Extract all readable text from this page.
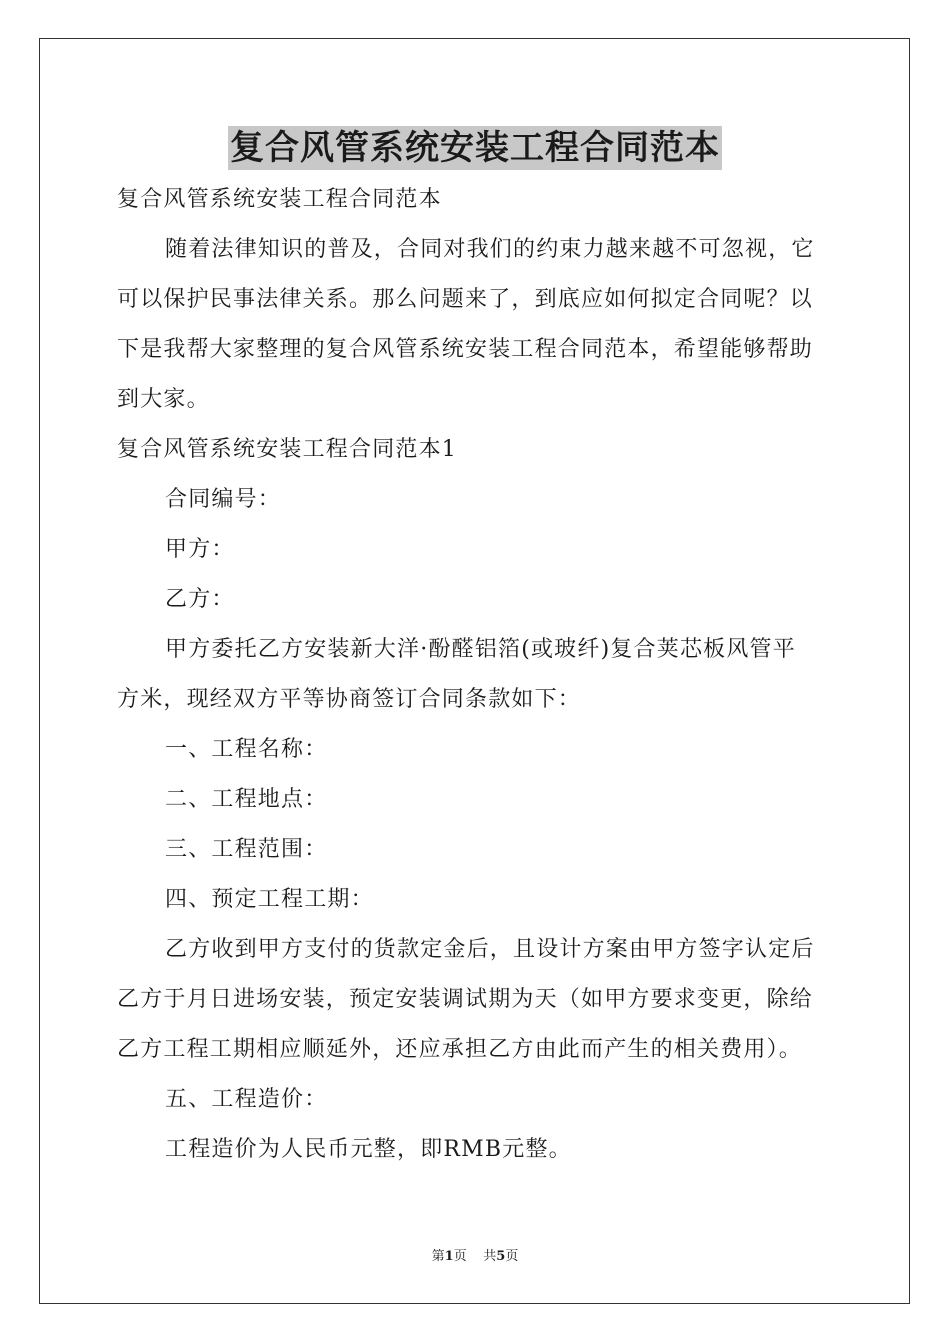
复合风管系统安装工程合同范本
复合风管系统安装工程合同范本
随着法律知识的普及，合同对我们的约束力越来越不可忽视，它
可以保护民事法律关系。那么问题来了，到底应如何拟定合同呢？以
下是我帮大家整理的复合风管系统安装工程合同范本，希望能够帮助
到大家。
复合风管系统安装工程合同范本1
合同编号：
甲方：
乙方：
甲方委托乙方安装新大洋·酚醛铝箔(或玻纤)复合荚芯板风管平
方米，现经双方平等协商签订合同条款如下：
一、工程名称：
二、工程地点：
三、工程范围：
四、预定工程工期：
乙方收到甲方支付的货款定金后，且设计方案由甲方签字认定后
乙方于月日进场安装，预定安装调试期为天（如甲方要求变更，除给
乙方工程工期相应顺延外，还应承担乙方由此而产生的相关费用）。
五、工程造价：
工程造价为人民币元整，即RMB元整。
第1页 共5页
